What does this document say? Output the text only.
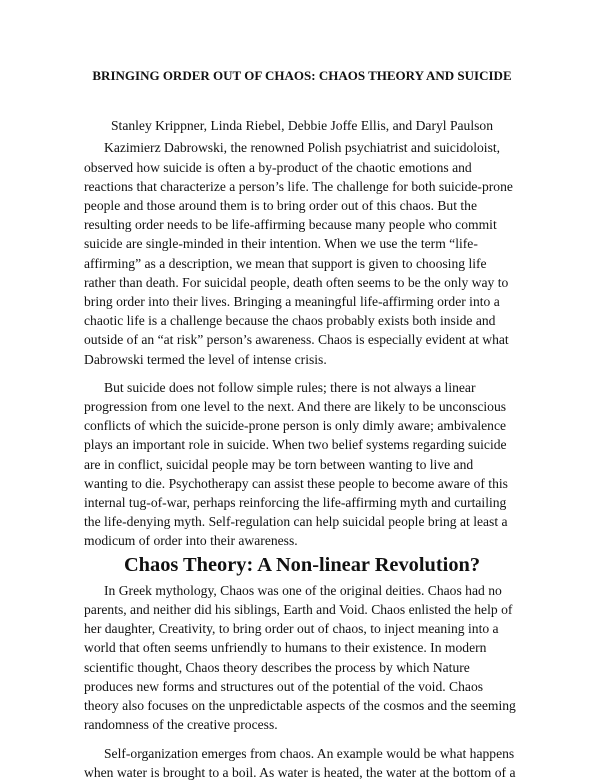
BRINGING ORDER OUT OF CHAOS: CHAOS THEORY AND SUICIDE

Stanley Krippner, Linda Riebel, Debbie Joffe Ellis, and Daryl Paulson

Kazimierz Dabrowski, the renowned Polish psychiatrist and suicidoloist, observed how suicide is often a by-product of the chaotic emotions and reactions that characterize a person’s life. The challenge for both suicide-prone people and those around them is to bring order out of this chaos. But the resulting order needs to be life-affirming because many people who commit suicide are single-minded in their intention. When we use the term “life-affirming” as a description, we mean that support is given to choosing life rather than death. For suicidal people, death often seems to be the only way to bring order into their lives. Bringing a meaningful life-affirming order into a chaotic life is a challenge because the chaos probably exists both inside and outside of an “at risk” person’s awareness. Chaos is especially evident at what Dabrowski termed the level of intense crisis.

But suicide does not follow simple rules; there is not always a linear progression from one level to the next. And there are likely to be unconscious conflicts of which the suicide-prone person is only dimly aware; ambivalence plays an important role in suicide. When two belief systems regarding suicide are in conflict, suicidal people may be torn between wanting to live and wanting to die. Psychotherapy can assist these people to become aware of this internal tug-of-war, perhaps reinforcing the life-affirming myth and curtailing the life-denying myth. Self-regulation can help suicidal people bring at least a modicum of order into their awareness.

Chaos Theory: A Non-linear Revolution?

In Greek mythology, Chaos was one of the original deities. Chaos had no parents, and neither did his siblings, Earth and Void. Chaos enlisted the help of her daughter, Creativity, to bring order out of chaos, to inject meaning into a world that often seems unfriendly to humans to their existence. In modern scientific thought, Chaos theory describes the process by which Nature produces new forms and structures out of the potential of the void. Chaos theory also focuses on the unpredictable aspects of the cosmos and the seeming randomness of the creative process.

Self-organization emerges from chaos. An example would be what happens when water is brought to a boil. As water is heated, the water at the bottom of a
